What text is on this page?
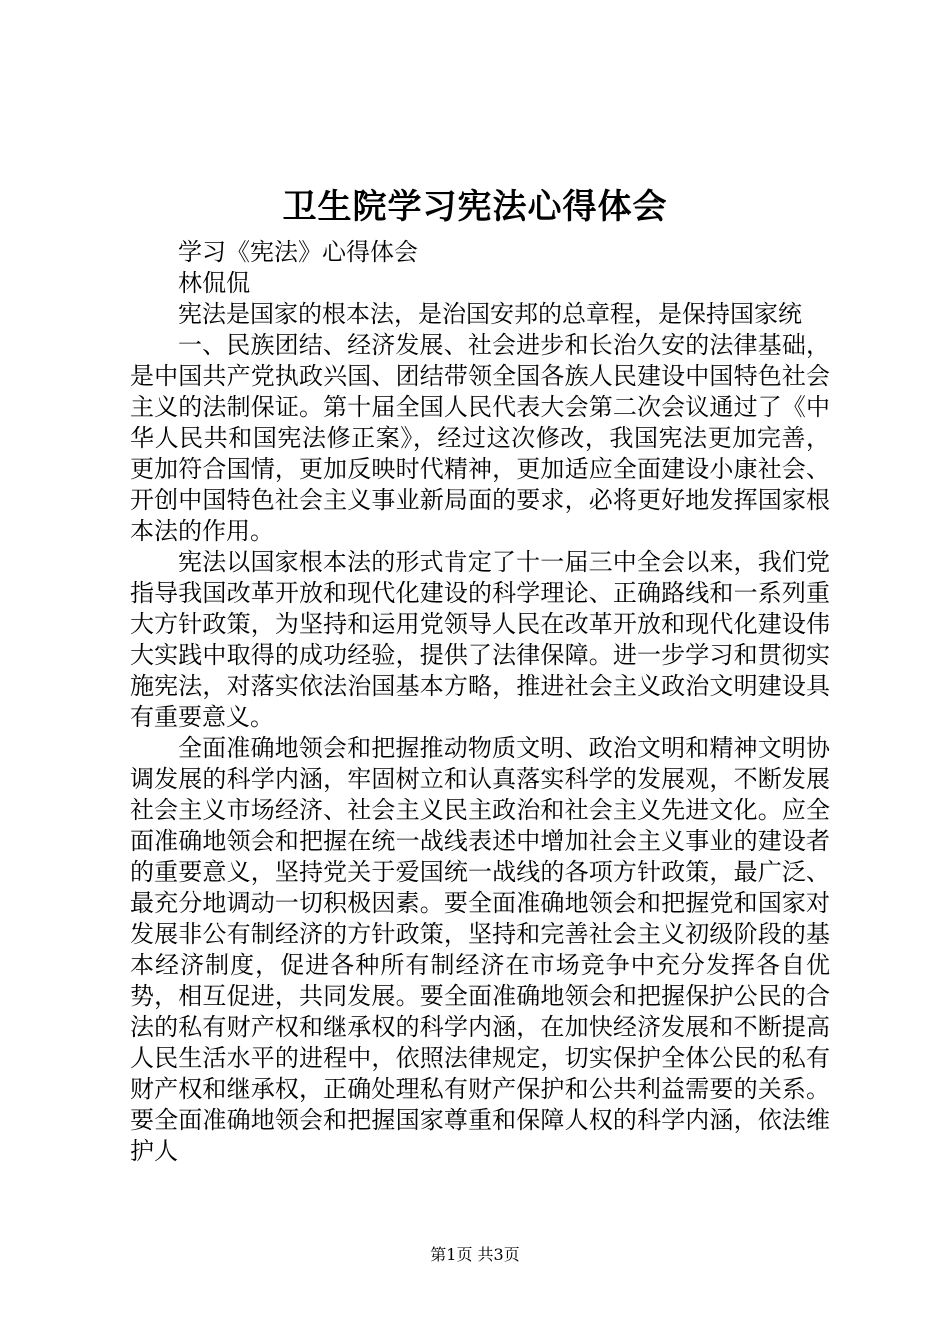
卫生院学习宪法心得体会

学习《宪法》心得体会

林侃侃

宪法是国家的根本法，是治国安邦的总章程，是保持国家统

一、民族团结、经济发展、社会进步和长治久安的法律基础，是中国共产党执政兴国、团结带领全国各族人民建设中国特色社会主义的法制保证。第十届全国人民代表大会第二次会议通过了《中华人民共和国宪法修正案》，经过这次修改，我国宪法更加完善，更加符合国情，更加反映时代精神，更加适应全面建设小康社会、开创中国特色社会主义事业新局面的要求，必将更好地发挥国家根本法的作用。

宪法以国家根本法的形式肯定了十一届三中全会以来，我们党指导我国改革开放和现代化建设的科学理论、正确路线和一系列重大方针政策，为坚持和运用党领导人民在改革开放和现代化建设伟大实践中取得的成功经验，提供了法律保障。进一步学习和贯彻实施宪法，对落实依法治国基本方略，推进社会主义政治文明建设具有重要意义。

全面准确地领会和把握推动物质文明、政治文明和精神文明协调发展的科学内涵，牢固树立和认真落实科学的发展观，不断发展社会主义市场经济、社会主义民主政治和社会主义先进文化。应全面准确地领会和把握在统一战线表述中增加社会主义事业的建设者的重要意义，坚持党关于爱国统一战线的各项方针政策，最广泛、最充分地调动一切积极因素。要全面准确地领会和把握党和国家对发展非公有制经济的方针政策，坚持和完善社会主义初级阶段的基本经济制度，促进各种所有制经济在市场竞争中充分发挥各自优势，相互促进，共同发展。要全面准确地领会和把握保护公民的合法的私有财产权和继承权的科学内涵，在加快经济发展和不断提高人民生活水平的进程中，依照法律规定，切实保护全体公民的私有财产权和继承权，正确处理私有财产保护和公共利益需要的关系。要全面准确地领会和把握国家尊重和保障人权的科学内涵，依法维护人

第1页 共3页
